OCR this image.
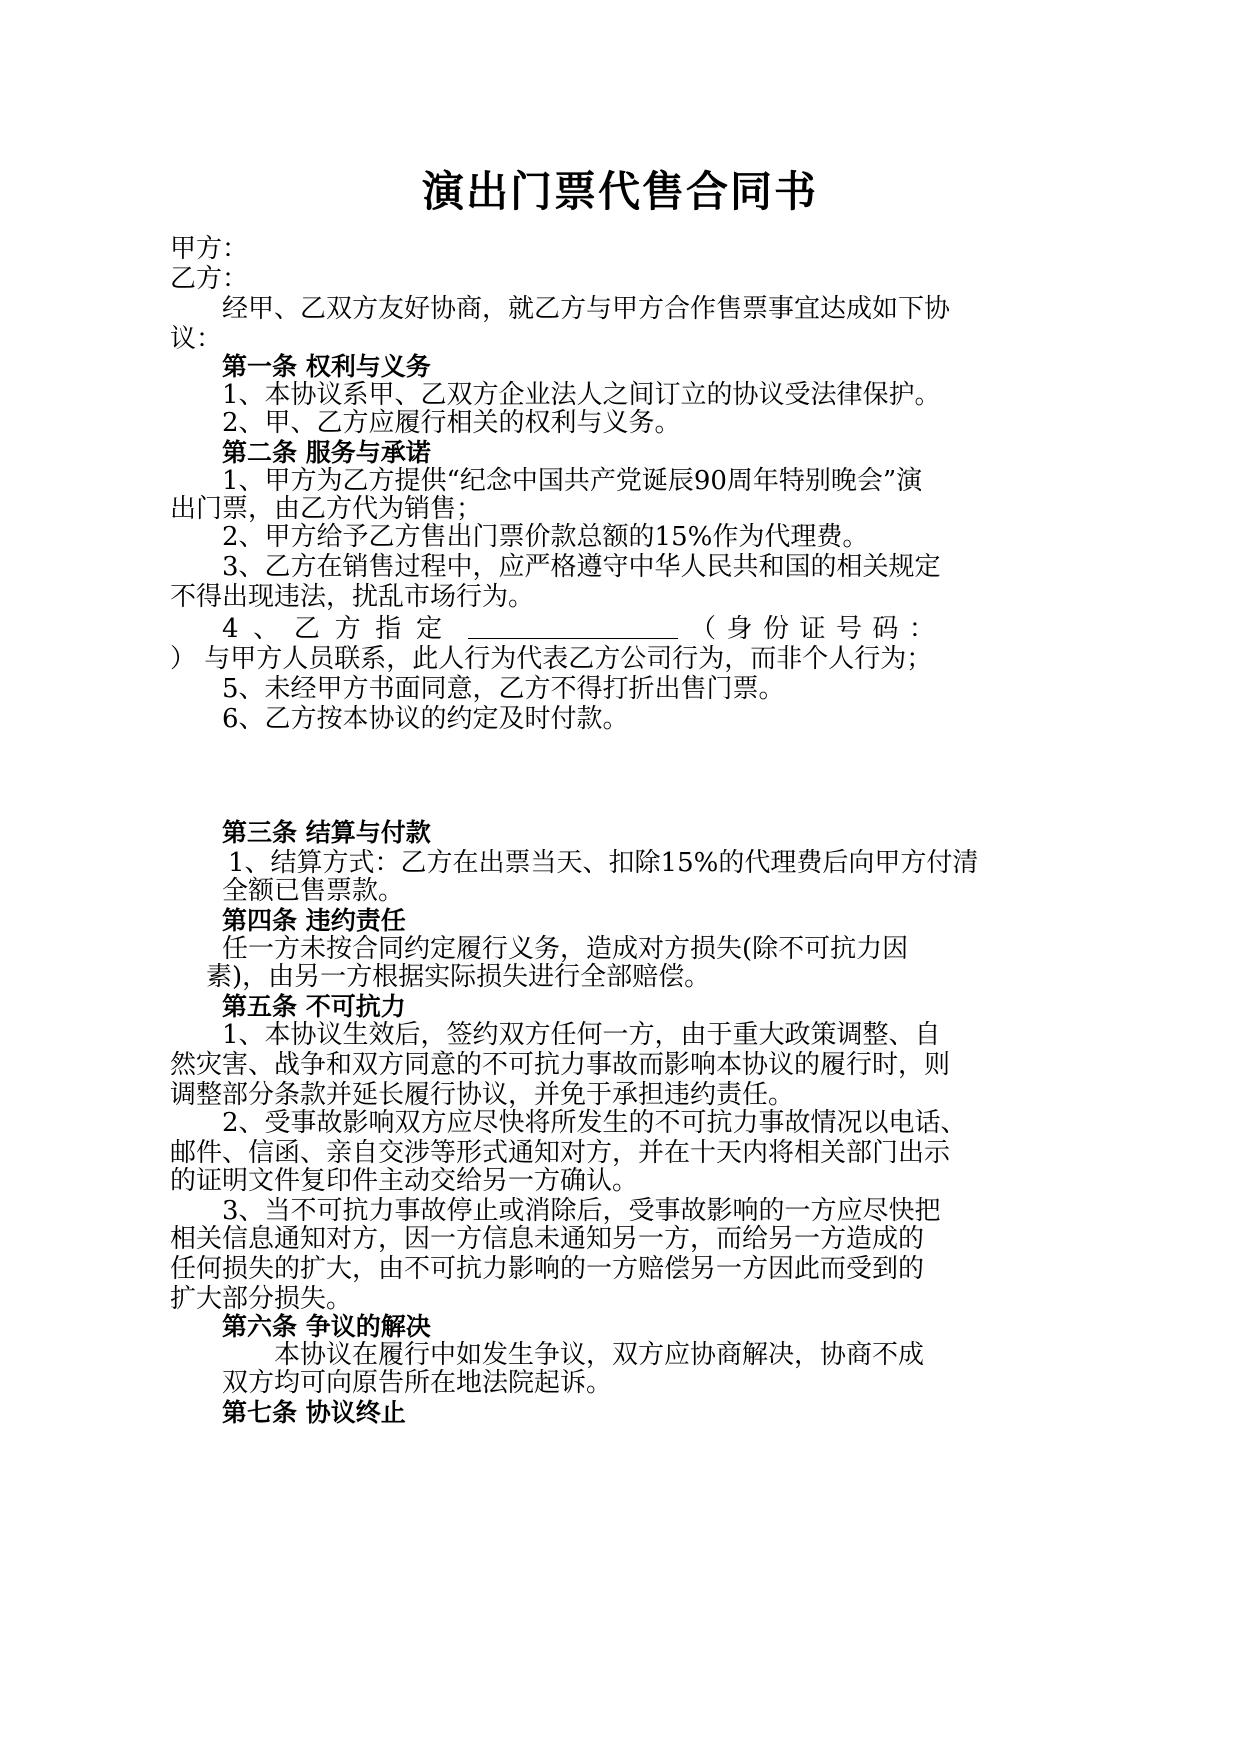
演出门票代售合同书
甲方：
乙方：
经甲、乙双方友好协商，就乙方与甲方合作售票事宜达成如下协
议：
第一条 权利与义务
1、本协议系甲、乙双方企业法人之间订立的协议受法律保护。
2、甲、乙方应履行相关的权利与义务。
第二条 服务与承诺
1、甲方为乙方提供“纪念中国共产党诞辰90周年特别晚会”演
出门票，由乙方代为销售；
2、甲方给予乙方售出门票价款总额的15%作为代理费。
3、乙方在销售过程中，应严格遵守中华人民共和国的相关规定
不得出现违法，扰乱市场行为。
4 、 乙 方 指 定	（ 身 份 证 号 码 ：
） 与甲方人员联系，此人行为代表乙方公司行为，而非个人行为；
5、未经甲方书面同意，乙方不得打折出售门票。
6、乙方按本协议的约定及时付款。
第三条 结算与付款
1、结算方式：乙方在出票当天、扣除15%的代理费后向甲方付清
全额已售票款。
第四条 违约责任
任一方未按合同约定履行义务，造成对方损失(除不可抗力因
素)，由另一方根据实际损失进行全部赔偿。
第五条 不可抗力
1、本协议生效后，签约双方任何一方，由于重大政策调整、自
然灾害、战争和双方同意的不可抗力事故而影响本协议的履行时，则
调整部分条款并延长履行协议，并免于承担违约责任。
2、受事故影响双方应尽快将所发生的不可抗力事故情况以电话、
邮件、信函、亲自交涉等形式通知对方，并在十天内将相关部门出示
的证明文件复印件主动交给另一方确认。
3、当不可抗力事故停止或消除后，受事故影响的一方应尽快把
相关信息通知对方，因一方信息未通知另一方，而给另一方造成的
任何损失的扩大，由不可抗力影响的一方赔偿另一方因此而受到的
扩大部分损失。
第六条 争议的解决
本协议在履行中如发生争议，双方应协商解决，协商不成
双方均可向原告所在地法院起诉。
第七条 协议终止
